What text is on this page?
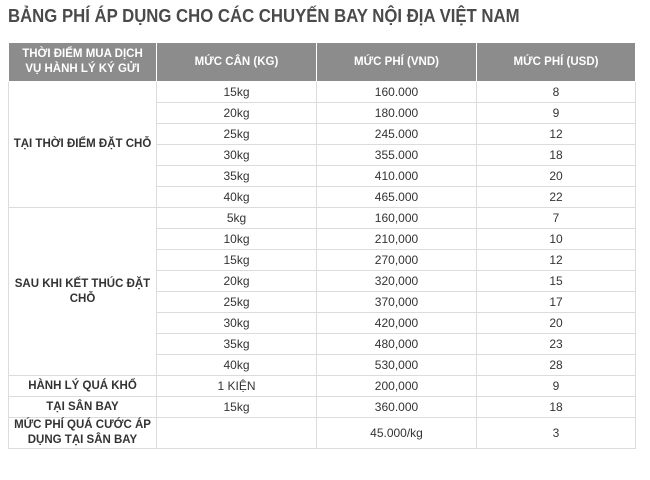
BẢNG PHÍ ÁP DỤNG CHO CÁC CHUYẾN BAY NỘI ĐỊA VIỆT NAM
THỜI ĐIỂM MUA DỊCH VỤ HÀNH LÝ KÝ GỬI	MỨC CÂN (KG)	MỨC PHÍ (VND)	MỨC PHÍ (USD)
TẠI THỜI ĐIỂM ĐẶT CHỖ	15kg	160.000	8
	20kg	180.000	9
	25kg	245.000	12
	30kg	355.000	18
	35kg	410.000	20
	40kg	465.000	22
SAU KHI KẾT THÚC ĐẶT CHỖ	5kg	160,000	7
	10kg	210,000	10
	15kg	270,000	12
	20kg	320,000	15
	25kg	370,000	17
	30kg	420,000	20
	35kg	480,000	23
	40kg	530,000	28
HÀNH LÝ QUÁ KHỔ	1 KIỆN	200,000	9
TẠI SÂN BAY	15kg	360.000	18
MỨC PHÍ QUÁ CƯỚC ÁP DỤNG TẠI SÂN BAY		45.000/kg	3
